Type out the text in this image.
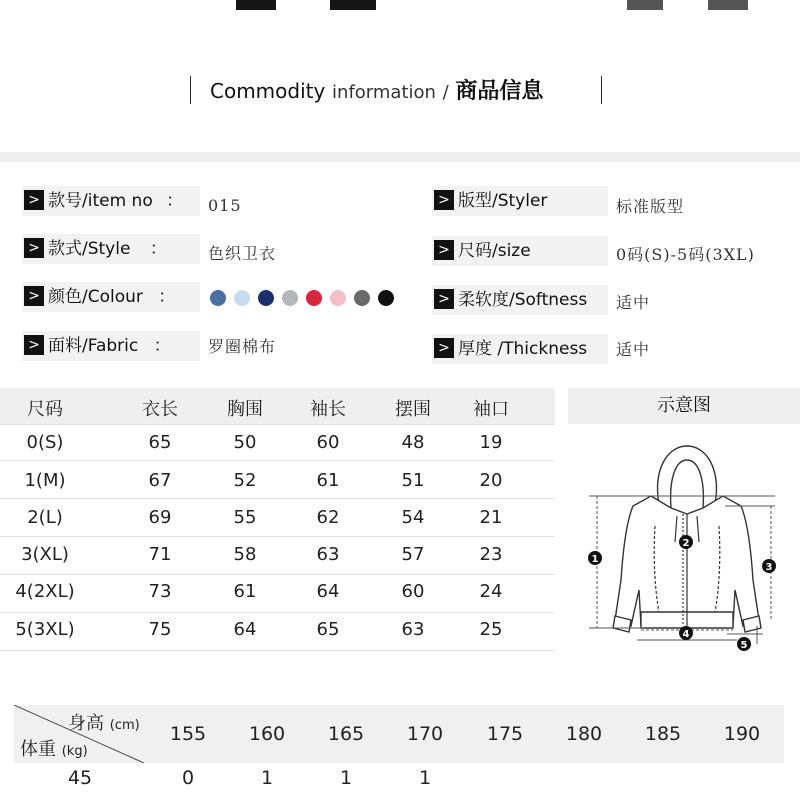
Commodity information / 商品信息
> 款号/item no ：	015
> 款式/Style ：	色织卫衣
> 颜色/Colour ：
> 面料/Fabric ：	罗圈棉布
> 版型/Styler	标准版型
> 尺码/size	0码(S)-5码(3XL)
> 柔软度/Softness	适中
> 厚度 /Thickness	适中
尺码	衣长	胸围	袖长	摆围	袖口
0(S)	65	50	60	48	19
1(M)	67	52	61	51	20
2(L)	69	55	62	54	21
3(XL)	71	58	63	57	23
4(2XL)	73	61	64	60	24
5(3XL)	75	64	65	63	25
示意图
1
2
3
4
5
身高 (cm)
体重 (kg)
155	160	165	170	175	180	185	190
45	0	1	1	1
